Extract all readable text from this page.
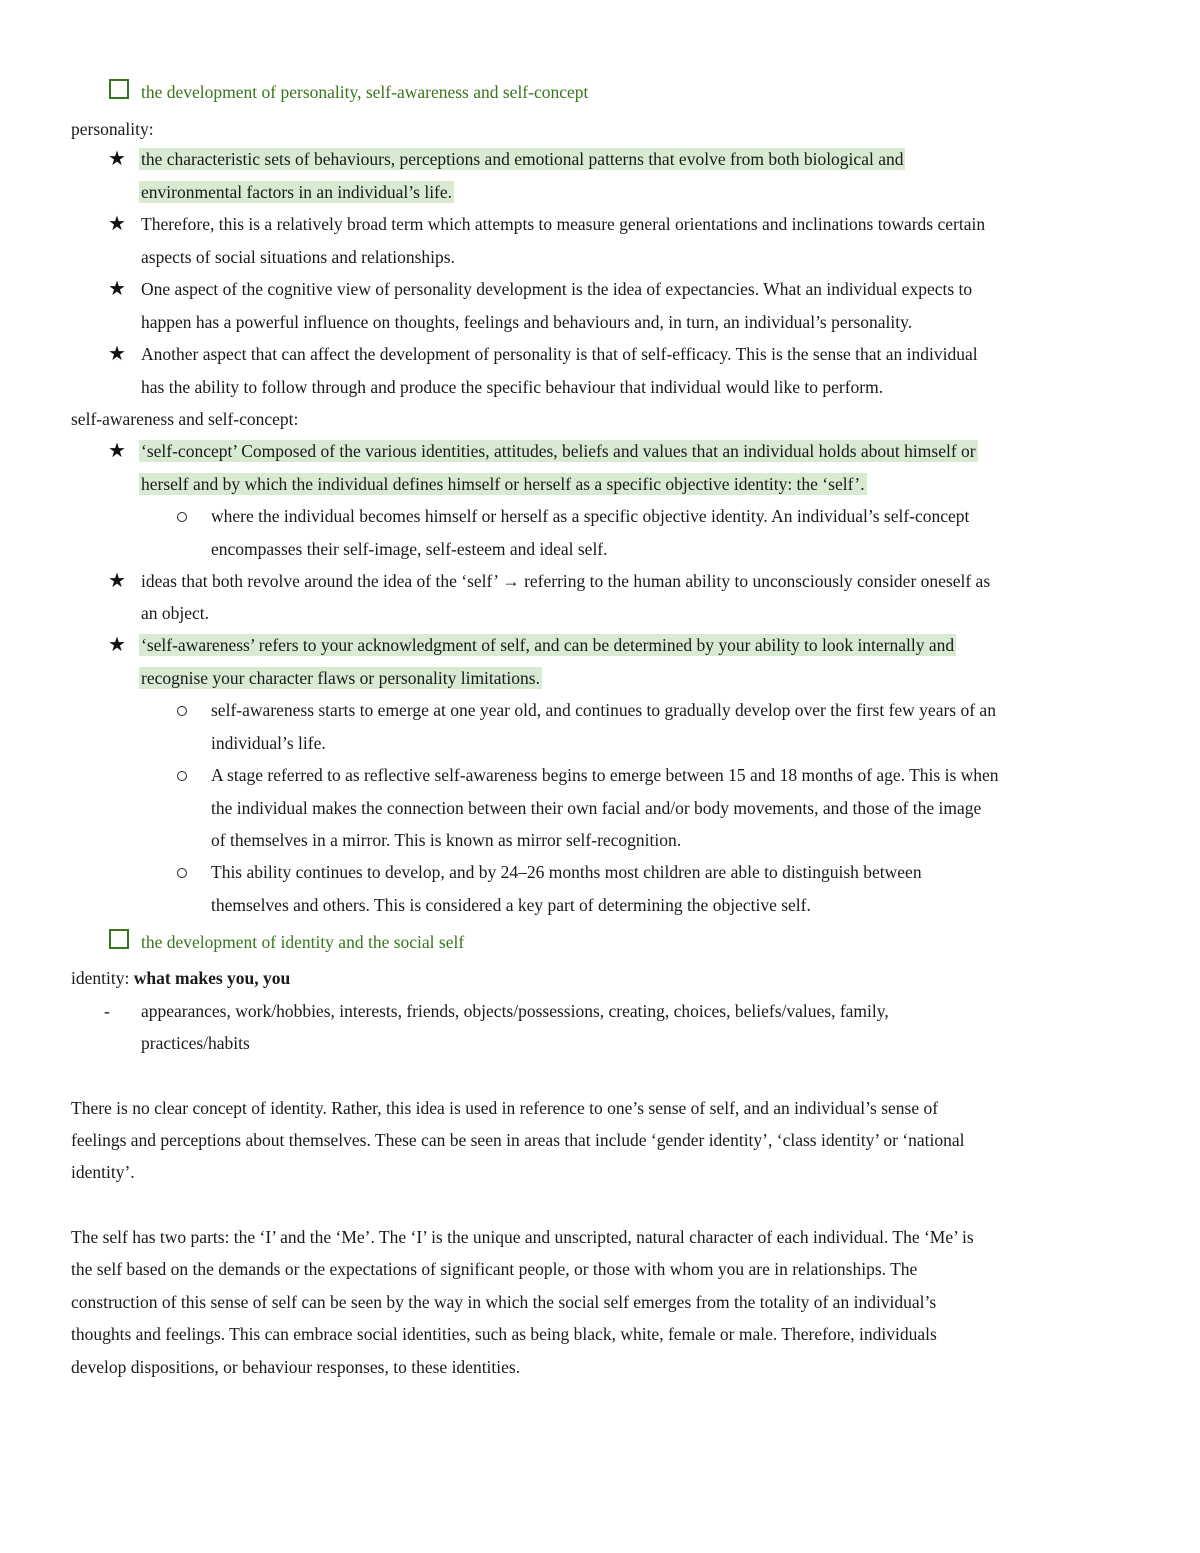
the development of personality, self-awareness and self-concept
personality:
★ the characteristic sets of behaviours, perceptions and emotional patterns that evolve from both biological and
environmental factors in an individual’s life.
★ Therefore, this is a relatively broad term which attempts to measure general orientations and inclinations towards certain
aspects of social situations and relationships.
★ One aspect of the cognitive view of personality development is the idea of expectancies. What an individual expects to
happen has a powerful influence on thoughts, feelings and behaviours and, in turn, an individual’s personality.
★ Another aspect that can affect the development of personality is that of self-efficacy. This is the sense that an individual
has the ability to follow through and produce the specific behaviour that individual would like to perform.
self-awareness and self-concept:
★ ‘self-concept’ Composed of the various identities, attitudes, beliefs and values that an individual holds about himself or
herself and by which the individual defines himself or herself as a specific objective identity: the ‘self’.
where the individual becomes himself or herself as a specific objective identity. An individual’s self-concept
encompasses their self-image, self-esteem and ideal self.
★ ideas that both revolve around the idea of the ‘self’ → referring to the human ability to unconsciously consider oneself as
an object.
★ ‘self-awareness’ refers to your acknowledgment of self, and can be determined by your ability to look internally and
recognise your character flaws or personality limitations.
self-awareness starts to emerge at one year old, and continues to gradually develop over the first few years of an
individual’s life.
A stage referred to as reflective self-awareness begins to emerge between 15 and 18 months of age. This is when
the individual makes the connection between their own facial and/or body movements, and those of the image
of themselves in a mirror. This is known as mirror self-recognition.
This ability continues to develop, and by 24–26 months most children are able to distinguish between
themselves and others. This is considered a key part of determining the objective self.
the development of identity and the social self
identity: what makes you, you
- appearances, work/hobbies, interests, friends, objects/possessions, creating, choices, beliefs/values, family,
practices/habits
There is no clear concept of identity. Rather, this idea is used in reference to one’s sense of self, and an individual’s sense of
feelings and perceptions about themselves. These can be seen in areas that include ‘gender identity’, ‘class identity’ or ‘national
identity’.
The self has two parts: the ‘I’ and the ‘Me’. The ‘I’ is the unique and unscripted, natural character of each individual. The ‘Me’ is
the self based on the demands or the expectations of significant people, or those with whom you are in relationships. The
construction of this sense of self can be seen by the way in which the social self emerges from the totality of an individual’s
thoughts and feelings. This can embrace social identities, such as being black, white, female or male. Therefore, individuals
develop dispositions, or behaviour responses, to these identities.
